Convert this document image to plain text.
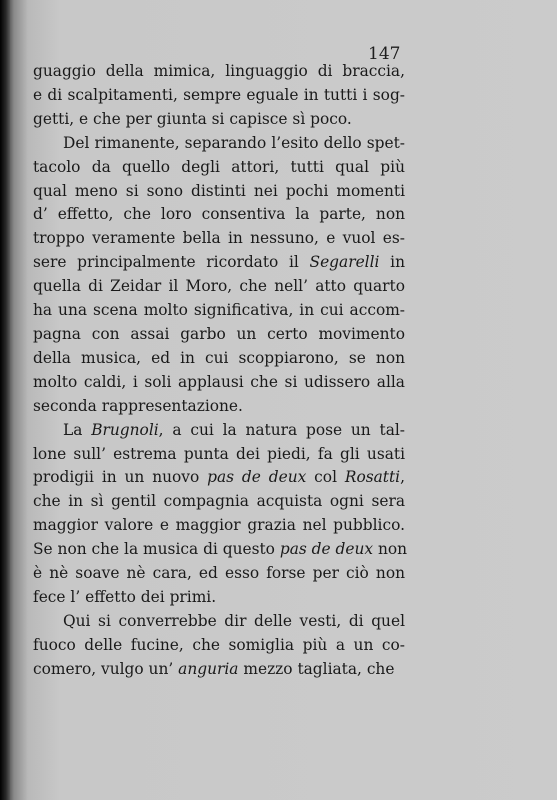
147
guaggio della mimica, linguaggio di braccia,
e di scalpitamenti, sempre eguale in tutti i sog-
getti, e che per giunta si capisce sì poco.
Del rimanente, separando l’esito dello spet-
tacolo da quello degli attori, tutti qual più
qual meno si sono distinti nei pochi momenti
d’ effetto, che loro consentiva la parte, non
troppo veramente bella in nessuno, e vuol es-
sere principalmente ricordato il Segarelli in
quella di Zeidar il Moro, che nell’ atto quarto
ha una scena molto significativa, in cui accom-
pagna con assai garbo un certo movimento
della musica, ed in cui scoppiarono, se non
molto caldi, i soli applausi che si udissero alla
seconda rappresentazione.
La Brugnoli, a cui la natura pose un tal-
lone sull’ estrema punta dei piedi, fa gli usati
prodigii in un nuovo pas de deux col Rosatti,
che in sì gentil compagnia acquista ogni sera
maggior valore e maggior grazia nel pubblico.
Se non che la musica di questo pas de deux non
è nè soave nè cara, ed esso forse per ciò non
fece l’ effetto dei primi.
Qui si converrebbe dir delle vesti, di quel
fuoco delle fucine, che somiglia più a un co-
comero, vulgo un’ anguria mezzo tagliata, che
